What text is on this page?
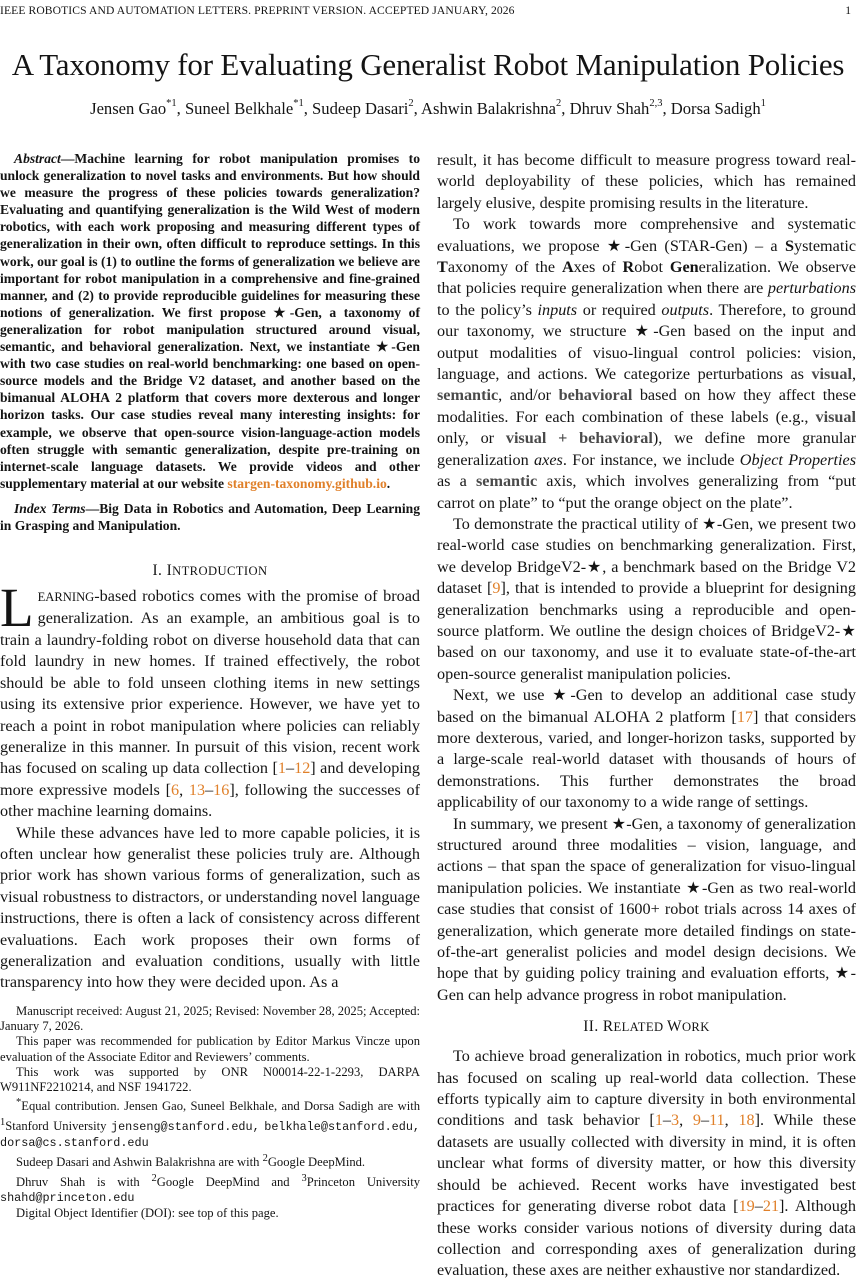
IEEE ROBOTICS AND AUTOMATION LETTERS. PREPRINT VERSION. ACCEPTED JANUARY, 2026	1
A Taxonomy for Evaluating Generalist Robot Manipulation Policies
Jensen Gao$^{*1}$, Suneel Belkhale$^{*1}$, Sudeep Dasari$^2$, Ashwin Balakrishna$^2$, Dhruv Shah$^{2,3}$, Dorsa Sadigh$^1$

Abstract—Machine learning for robot manipulation promises to unlock generalization to novel tasks and environments. But how should we measure the progress of these policies towards generalization? Evaluating and quantifying generalization is the Wild West of modern robotics, with each work proposing and measuring different types of generalization in their own, often difficult to reproduce settings. In this work, our goal is (1) to outline the forms of generalization we believe are important for robot manipulation in a comprehensive and fine-grained manner, and (2) to provide reproducible guidelines for measuring these notions of generalization. We first propose ★-Gen, a taxonomy of generalization for robot manipulation structured around visual, semantic, and behavioral generalization. Next, we instantiate ★-Gen with two case studies on real-world benchmarking: one based on open-source models and the Bridge V2 dataset, and another based on the bimanual ALOHA 2 platform that covers more dexterous and longer horizon tasks. Our case studies reveal many interesting insights: for example, we observe that open-source vision-language-action models often struggle with semantic generalization, despite pre-training on internet-scale language datasets. We provide videos and other supplementary material at our website stargen-taxonomy.github.io.

Index Terms—Big Data in Robotics and Automation, Deep Learning in Grasping and Manipulation.

I. INTRODUCTION

LEARNING-based robotics comes with the promise of broad generalization. As an example, an ambitious goal is to train a laundry-folding robot on diverse household data that can fold laundry in new homes. If trained effectively, the robot should be able to fold unseen clothing items in new settings using its extensive prior experience. However, we have yet to reach a point in robot manipulation where policies can reliably generalize in this manner. In pursuit of this vision, recent work has focused on scaling up data collection [1–12] and developing more expressive models [6, 13–16], following the successes of other machine learning domains.

While these advances have led to more capable policies, it is often unclear how generalist these policies truly are. Although prior work has shown various forms of generalization, such as visual robustness to distractors, or understanding novel language instructions, there is often a lack of consistency across different evaluations. Each work proposes their own forms of generalization and evaluation conditions, usually with little transparency into how they were decided upon. As a

Manuscript received: August 21, 2025; Revised: November 28, 2025; Accepted: January 7, 2026.

This paper was recommended for publication by Editor Markus Vincze upon evaluation of the Associate Editor and Reviewers’ comments.

This work was supported by ONR N00014-22-1-2293, DARPA W911NF2210214, and NSF 1941722.

*Equal contribution. Jensen Gao, Suneel Belkhale, and Dorsa Sadigh are with $^1$Stanford University jenseng@stanford.edu, belkhale@stanford.edu, dorsa@cs.stanford.edu

Sudeep Dasari and Ashwin Balakrishna are with $^2$Google DeepMind.

Dhruv Shah is with $^2$Google DeepMind and $^3$Princeton University shahd@princeton.edu

Digital Object Identifier (DOI): see top of this page.

result, it has become difficult to measure progress toward real-world deployability of these policies, which has remained largely elusive, despite promising results in the literature.

To work towards more comprehensive and systematic evaluations, we propose ★-Gen (STAR-Gen) – a Systematic Taxonomy of the Axes of Robot Generalization. We observe that policies require generalization when there are perturbations to the policy’s inputs or required outputs. Therefore, to ground our taxonomy, we structure ★-Gen based on the input and output modalities of visuo-lingual control policies: vision, language, and actions. We categorize perturbations as visual, semantic, and/or behavioral based on how they affect these modalities. For each combination of these labels (e.g., visual only, or visual + behavioral), we define more granular generalization axes. For instance, we include Object Properties as a semantic axis, which involves generalizing from “put carrot on plate” to “put the orange object on the plate”.

To demonstrate the practical utility of ★-Gen, we present two real-world case studies on benchmarking generalization. First, we develop BridgeV2-★, a benchmark based on the Bridge V2 dataset [9], that is intended to provide a blueprint for designing generalization benchmarks using a reproducible and open-source platform. We outline the design choices of BridgeV2-★ based on our taxonomy, and use it to evaluate state-of-the-art open-source generalist manipulation policies.

Next, we use ★-Gen to develop an additional case study based on the bimanual ALOHA 2 platform [17] that considers more dexterous, varied, and longer-horizon tasks, supported by a large-scale real-world dataset with thousands of hours of demonstrations. This further demonstrates the broad applicability of our taxonomy to a wide range of settings.

In summary, we present ★-Gen, a taxonomy of generalization structured around three modalities – vision, language, and actions – that span the space of generalization for visuo-lingual manipulation policies. We instantiate ★-Gen as two real-world case studies that consist of 1600+ robot trials across 14 axes of generalization, which generate more detailed findings on state-of-the-art generalist policies and model design decisions. We hope that by guiding policy training and evaluation efforts, ★-Gen can help advance progress in robot manipulation.

II. RELATED WORK

To achieve broad generalization in robotics, much prior work has focused on scaling up real-world data collection. These efforts typically aim to capture diversity in both environmental conditions and task behavior [1–3, 9–11, 18]. While these datasets are usually collected with diversity in mind, it is often unclear what forms of diversity matter, or how this diversity should be achieved. Recent works have investigated best practices for generating diverse robot data [19–21]. Although these works consider various notions of diversity during data collection and corresponding axes of generalization during evaluation, these axes are neither exhaustive nor standardized.
